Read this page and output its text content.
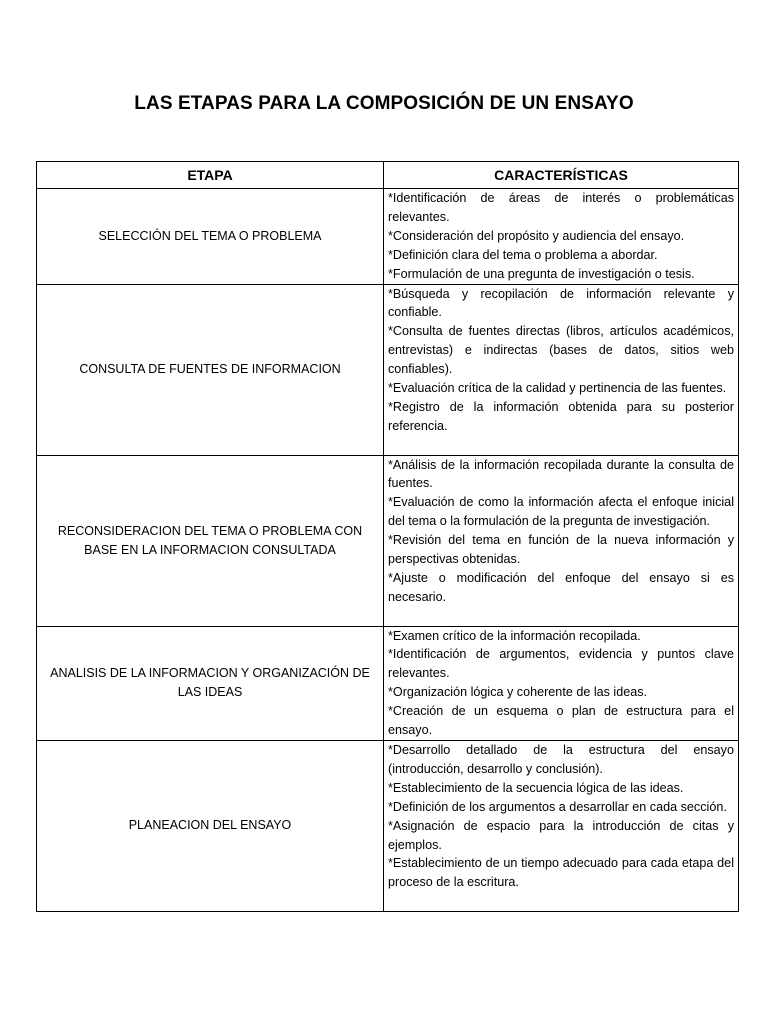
LAS ETAPAS PARA LA COMPOSICIÓN DE UN ENSAYO
ETAPA	CARACTERÍSTICAS
SELECCIÓN DEL TEMA O PROBLEMA	*Identificación de áreas de interés o problemáticas relevantes.

*Consideración del propósito y audiencia del ensayo.

*Definición clara del tema o problema a abordar.

*Formulación de una pregunta de investigación o tesis.

CONSULTA DE FUENTES DE INFORMACION	*Búsqueda y recopilación de información relevante y confiable.

*Consulta de fuentes directas (libros, artículos académicos, entrevistas) e indirectas (bases de datos, sitios web confiables).

*Evaluación crítica de la calidad y pertinencia de las fuentes.

*Registro de la información obtenida para su posterior referencia.

RECONSIDERACION DEL TEMA O PROBLEMA CON BASE EN LA INFORMACION CONSULTADA	*Análisis de la información recopilada durante la consulta de fuentes.

*Evaluación de como la información afecta el enfoque inicial del tema o la formulación de la pregunta de investigación.

*Revisión del tema en función de la nueva información y perspectivas obtenidas.

*Ajuste o modificación del enfoque del ensayo si es necesario.

ANALISIS DE LA INFORMACION Y ORGANIZACIÓN DE LAS IDEAS	*Examen crítico de la información recopilada.

*Identificación de argumentos, evidencia y puntos clave relevantes.

*Organización lógica y coherente de las ideas.

*Creación de un esquema o plan de estructura para el ensayo.

PLANEACION DEL ENSAYO	*Desarrollo detallado de la estructura del ensayo (introducción, desarrollo y conclusión).

*Establecimiento de la secuencia lógica de las ideas.

*Definición de los argumentos a desarrollar en cada sección.

*Asignación de espacio para la introducción de citas y ejemplos.

*Establecimiento de un tiempo adecuado para cada etapa del proceso de la escritura.
